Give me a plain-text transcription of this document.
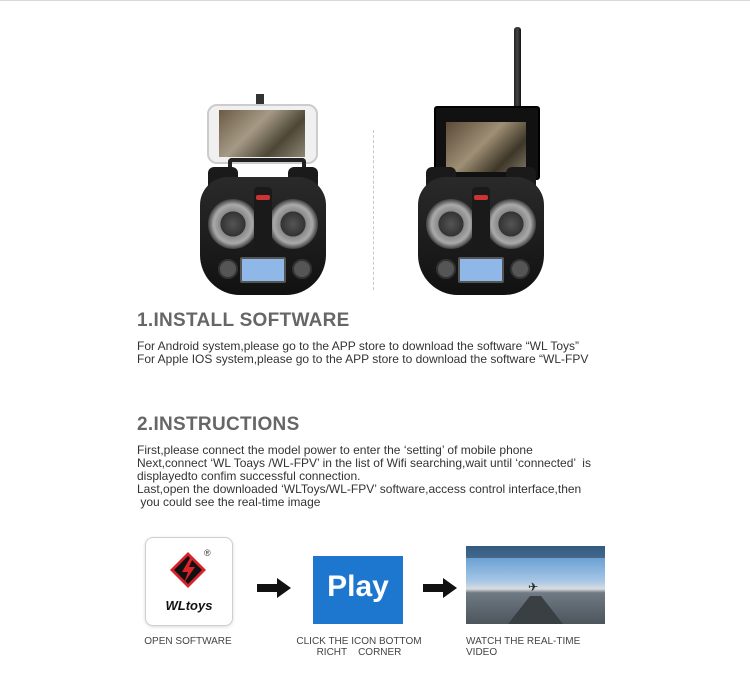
1.INSTALL SOFTWARE

For Android system,please go to the APP store to download the software “WL Toys”

For Apple IOS system,please go to the APP store to download the software “WL-FPV

2.INSTRUCTIONS

First,please connect the model power to enter the ‘setting’ of mobile phone

Next,connect ‘WL Toays /WL-FPV’ in the list of Wifi searching,wait until ‘connected’  is

displayedto confim successful connection.

Last,open the downloaded ‘WLToys/WL-FPV’ software,access control interface,then

you could see the real-time image

®
WLtoys

OPEN SOFTWARE

Play

CLICK THE ICON BOTTOM
RICHT    CORNER

✈

WATCH THE REAL-TIME
VIDEO
